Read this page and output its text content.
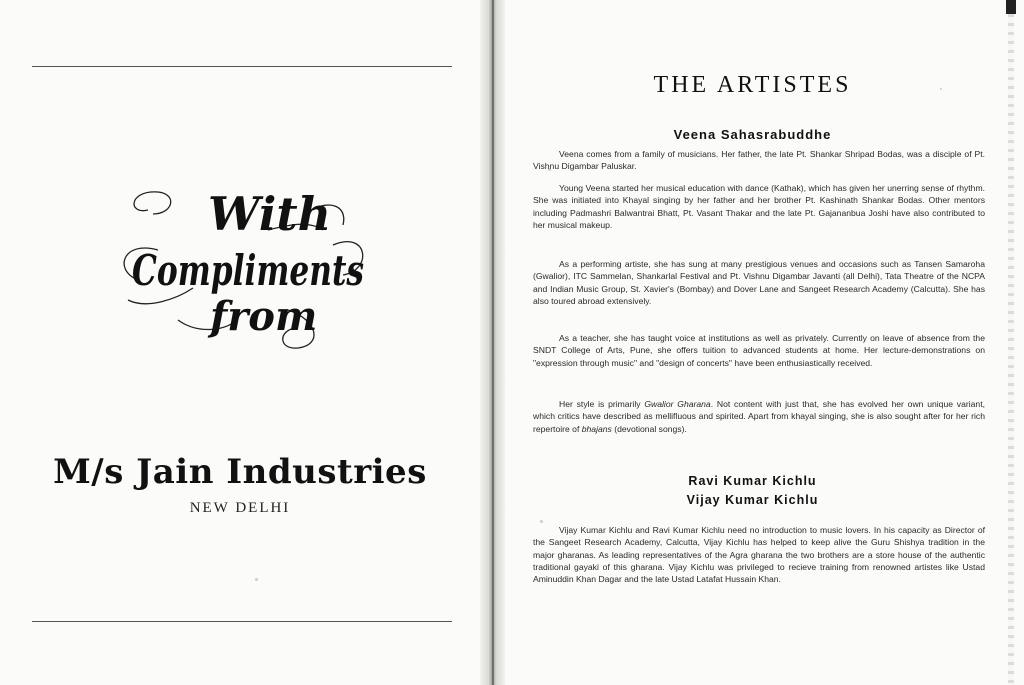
With
Compliments
from
M/s Jain Industries
NEW DELHI
THE ARTISTES
Veena Sahasrabuddhe

Veena comes from a family of musicians. Her father, the late Pt. Shankar Shripad Bodas, was a disciple of Pt. Vishnu Digambar Paluskar.

Young Veena started her musical education with dance (Kathak), which has given her unerring sense of rhythm. She was initiated into Khayal singing by her father and her brother Pt. Kashinath Shankar Bodas. Other mentors including Padmashri Balwantrai Bhatt, Pt. Vasant Thakar and the late Pt. Gajananbua Joshi have also contributed to her musical makeup.

As a performing artiste, she has sung at many prestigious venues and occasions such as Tansen Samaroha (Gwalior), ITC Sammelan, Shankarlal Festival and Pt. Vishnu Digambar Javanti (all Delhi), Tata Theatre of the NCPA and Indian Music Group, St. Xavier's (Bombay) and Dover Lane and Sangeet Research Academy (Calcutta). She has also toured abroad extensively.

As a teacher, she has taught voice at institutions as well as privately. Currently on leave of absence from the SNDT College of Arts, Pune, she offers tuition to advanced students at home. Her lecture-demonstrations on "expression through music" and "design of concerts" have been enthusiastically received.

Her style is primarily Gwalior Gharana. Not content with just that, she has evolved her own unique variant, which critics have described as mellifluous and spirited. Apart from khayal singing, she is also sought after for her rich repertoire of bhajans (devotional songs).

Ravi Kumar Kichlu
Vijay Kumar Kichlu

Vijay Kumar Kichlu and Ravi Kumar Kichlu need no introduction to music lovers. In his capacity as Director of the Sangeet Research Academy, Calcutta, Vijay Kichlu has helped to keep alive the Guru Shishya tradition in the major gharanas. As leading representatives of the Agra gharana the two brothers are a store house of the authentic traditional gayaki of this gharana. Vijay Kichlu was privileged to recieve training from renowned artistes like Ustad Aminuddin Khan Dagar and the late Ustad Latafat Hussain Khan.
